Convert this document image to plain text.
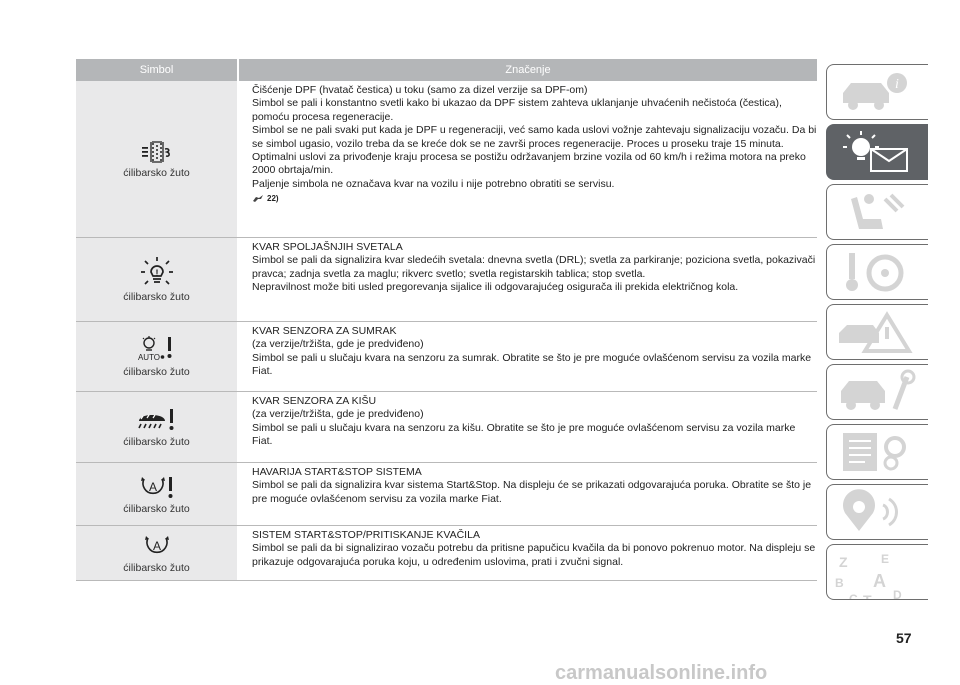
Simbol	Značenje
ćilibarsko žuto

Čišćenje DPF (hvatač čestica) u toku (samo za dizel verzije sa DPF-om)

Simbol se pali i konstantno svetli kako bi ukazao da DPF sistem zahteva uklanjanje uhvaćenih nečistoća (čestica), pomoću procesa regeneracije.

Simbol se ne pali svaki put kada je DPF u regeneraciji, već samo kada uslovi vožnje zahtevaju signalizaciju vozaču. Da bi se simbol ugasio, vozilo treba da se kreće dok se ne završi proces regeneracije. Proces u proseku traje 15 minuta. Optimalni uslovi za privođenje kraju procesa se postižu održavanjem brzine vozila od 60 km/h i režima motora na preko 2000 obrtaja/min.

Paljenje simbola ne označava kvar na vozilu i nije potrebno obratiti se servisu.

22)
!
ćilibarsko žuto

KVAR SPOLJAŠNJIH SVETALA

Simbol se pali da signalizira kvar sledećih svetala: dnevna svetla (DRL); svetla za parkiranje; poziciona svetla, pokazivači pravca; zadnja svetla za maglu; rikverc svetlo; svetla registarskih tablica; stop svetla.

Nepravilnost može biti usled pregorevanja sijalice ili odgovarajućeg osigurača ili prekida električnog kola.

AUTO
ćilibarsko žuto

KVAR SENZORA ZA SUMRAK

(za verzije/tržišta, gde je predviđeno)

Simbol se pali u slučaju kvara na senzoru za sumrak. Obratite se što je pre moguće ovlašćenom servisu za vozila marke Fiat.

ćilibarsko žuto

KVAR SENZORA ZA KIŠU

(za verzije/tržišta, gde je predviđeno)

Simbol se pali u slučaju kvara na senzoru za kišu. Obratite se što je pre moguće ovlašćenom servisu za vozila marke Fiat.

A
ćilibarsko žuto

HAVARIJA START&STOP SISTEMA

Simbol se pali da signalizira kvar sistema Start&Stop. Na displeju će se prikazati odgovarajuća poruka. Obratite se što je pre moguće ovlašćenom servisu za vozila marke Fiat.

A
ćilibarsko žuto

SISTEM START&STOP/PRITISKANJE KVAČILA

Simbol se pali da bi signalizirao vozaču potrebu da pritisne papučicu kvačila da bi ponovo pokrenuo motor. Na displeju se prikazuje odgovarajuća poruka koju, u određenim uslovima, prati i zvučni signal.

i
Z	E
B A
C T D
57
carmanualsonline.info
